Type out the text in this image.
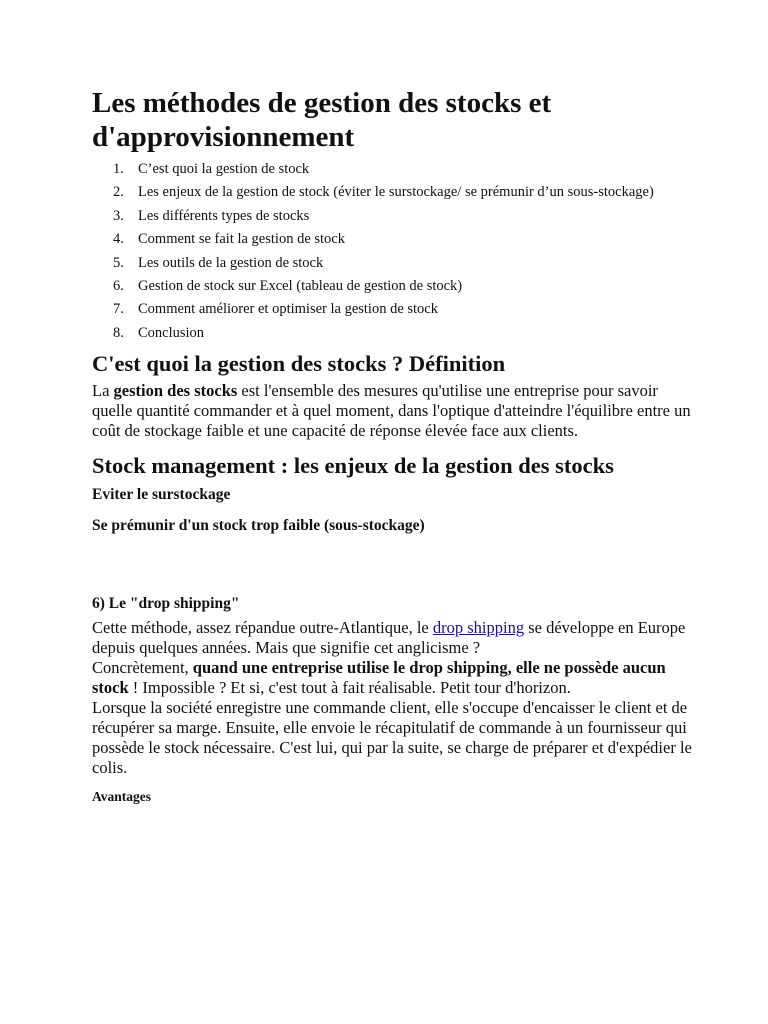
Les méthodes de gestion des stocks et d'approvisionnement
1. C’est quoi la gestion de stock
2. Les enjeux de la gestion de stock (éviter le surstockage/ se prémunir d’un sous-stockage)
3. Les différents types de stocks
4. Comment se fait la gestion de stock
5. Les outils de la gestion de stock
6. Gestion de stock sur Excel (tableau de gestion de stock)
7. Comment améliorer et optimiser la gestion de stock
8. Conclusion
C'est quoi la gestion des stocks ? Définition

La gestion des stocks est l'ensemble des mesures qu'utilise une entreprise pour savoir quelle quantité commander et à quel moment, dans l'optique d'atteindre l'équilibre entre un coût de stockage faible et une capacité de réponse élevée face aux clients.

Stock management : les enjeux de la gestion des stocks
Eviter le surstockage
Se prémunir d'un stock trop faible (sous-stockage)
6) Le "drop shipping"

Cette méthode, assez répandue outre-Atlantique, le drop shipping se développe en Europe depuis quelques années. Mais que signifie cet anglicisme ?

Concrètement, quand une entreprise utilise le drop shipping, elle ne possède aucun stock ! Impossible ? Et si, c'est tout à fait réalisable. Petit tour d'horizon.

Lorsque la société enregistre une commande client, elle s'occupe d'encaisser le client et de récupérer sa marge. Ensuite, elle envoie le récapitulatif de commande à un fournisseur qui possède le stock nécessaire. C'est lui, qui par la suite, se charge de préparer et d'expédier le colis.

Avantages
